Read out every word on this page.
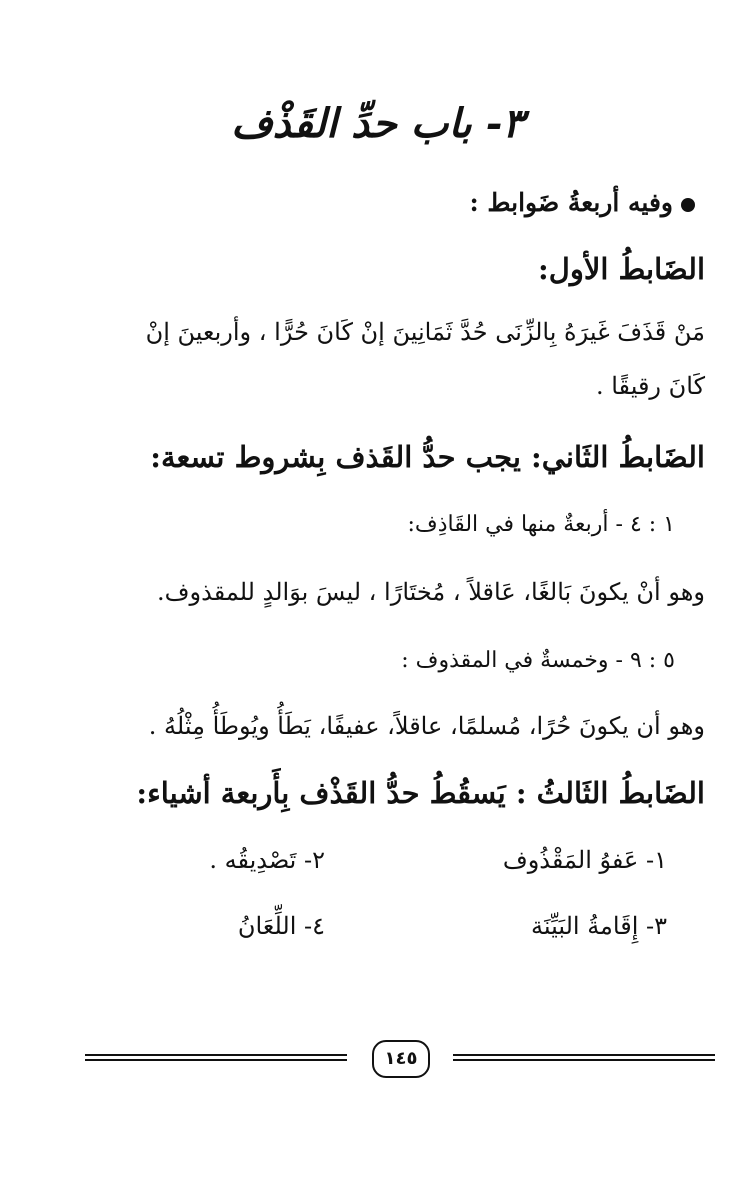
٣- باب حدِّ القَذْف
وفيه أربعةُ ضَوابط :
الضَابطُ الأول:
مَنْ قَذَفَ غَيرَهُ بِالزِّنَى حُدَّ ثَمَانِينَ إنْ كَانَ حُرًّا ، وأربعينَ إنْ
كَانَ رقيقًا .
الضَابطُ الثَاني: يجب حدُّ القَذف بِشروط تسعة:
١ : ٤ - أربعةٌ منها في القَاذِف:
وهو أنْ يكونَ بَالغًا، عَاقلاً ، مُختَارًا ، ليسَ بوَالدٍ للمقذوف.
٥ : ٩ - وخمسةٌ في المقذوف :
وهو أن يكونَ حُرًا، مُسلمًا، عاقلاً، عفيفًا، يَطَأُ ويُوطَأُ مِثْلُهُ .
الضَابطُ الثَالثُ : يَسقُطُ حدُّ القَذْف بِأَربعة أشياء:
١- عَفوُ المَقْذُوف
٢- تَصْدِيقُه .
٣- إِقَامةُ البَيِّنَة
٤- اللِّعَانُ
١٤٥
